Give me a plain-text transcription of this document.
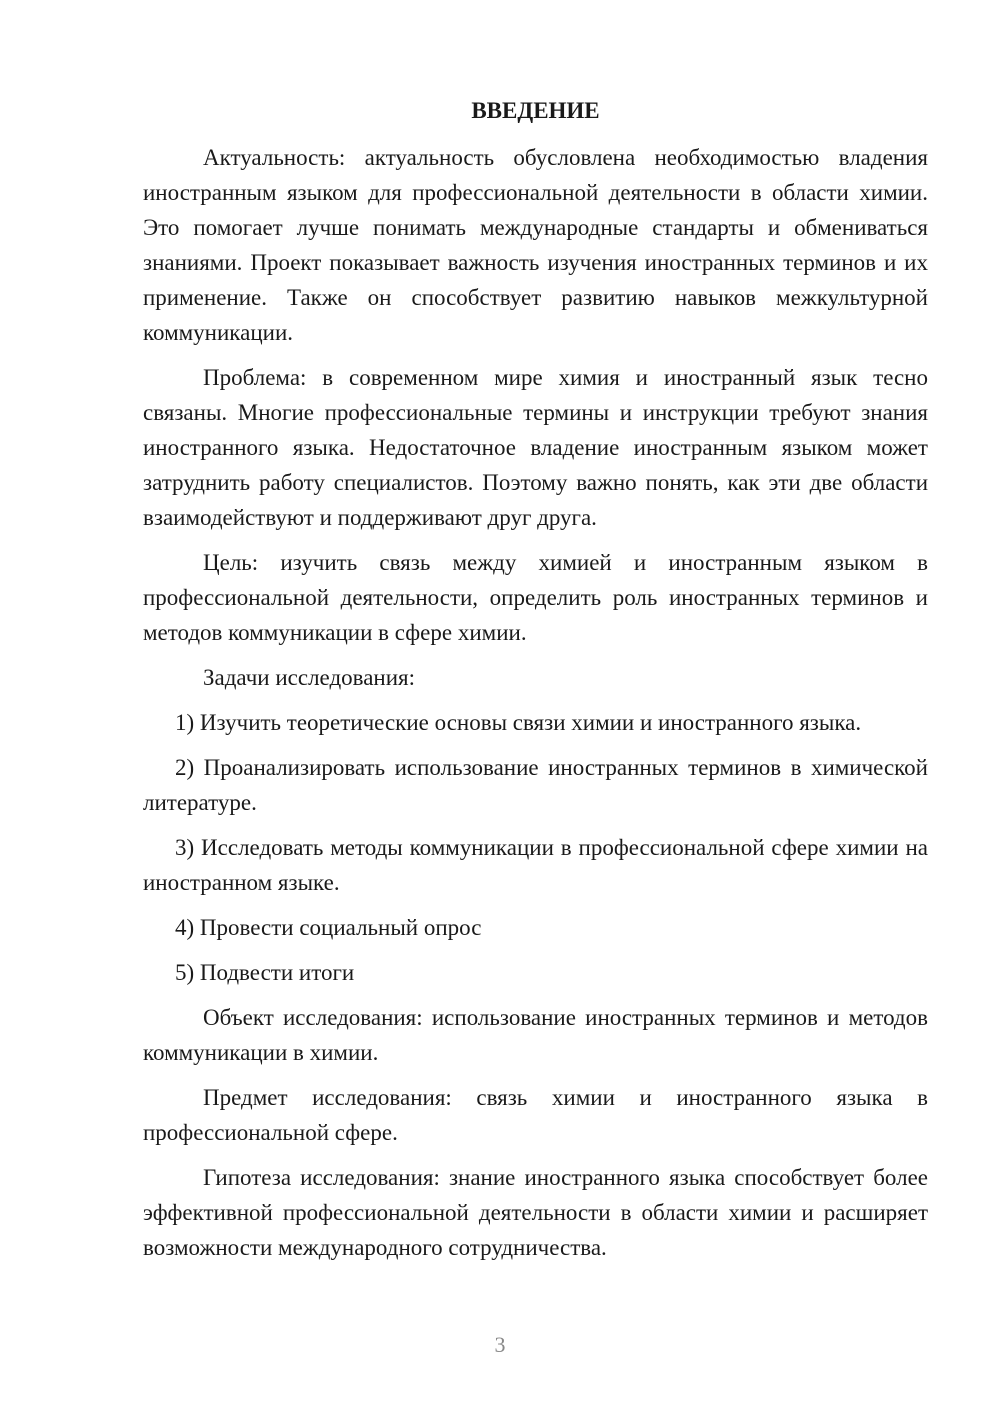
ВВЕДЕНИЕ

Актуальность: актуальность обусловлена необходимостью владения иностранным языком для профессиональной деятельности в области химии. Это помогает лучше понимать международные стандарты и обмениваться знаниями. Проект показывает важность изучения иностранных терминов и их применение. Также он способствует развитию навыков межкультурной коммуникации.

Проблема: в современном мире химия и иностранный язык тесно связаны. Многие профессиональные термины и инструкции требуют знания иностранного языка. Недостаточное владение иностранным языком может затруднить работу специалистов. Поэтому важно понять, как эти две области взаимодействуют и поддерживают друг друга.

Цель: изучить связь между химией и иностранным языком в профессиональной деятельности, определить роль иностранных терминов и методов коммуникации в сфере химии.

Задачи исследования:

1) Изучить теоретические основы связи химии и иностранного языка.

2) Проанализировать использование иностранных терминов в химической литературе.

3) Исследовать методы коммуникации в профессиональной сфере химии на иностранном языке.

4) Провести социальный опрос

5) Подвести итоги

Объект исследования: использование иностранных терминов и методов коммуникации в химии.

Предмет исследования: связь химии и иностранного языка в профессиональной сфере.

Гипотеза исследования: знание иностранного языка способствует более эффективной профессиональной деятельности в области химии и расширяет возможности международного сотрудничества.

3
